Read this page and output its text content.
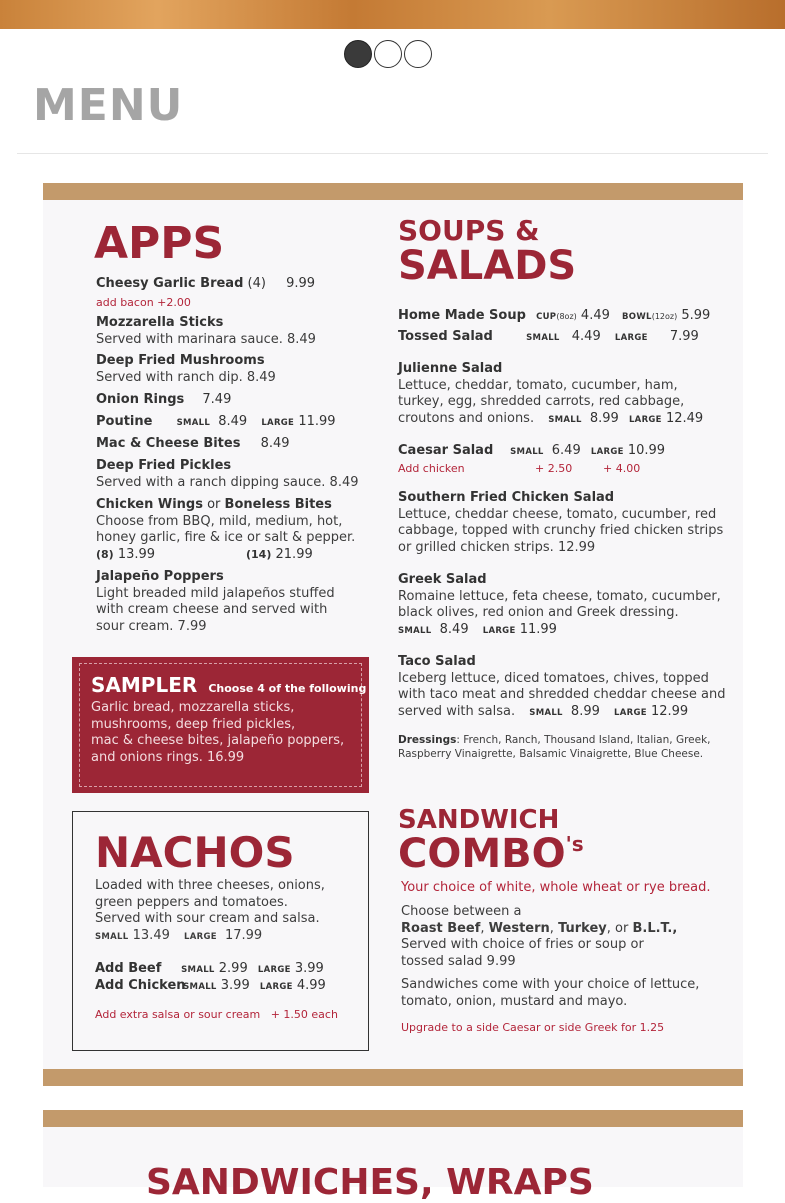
MENU
APPS
Cheesy Garlic Bread (4) 9.99
add bacon +2.00
Mozzarella Sticks
Served with marinara sauce. 8.49
Deep Fried Mushrooms
Served with ranch dip. 8.49
Onion Rings 7.49
Poutine	SMALL 8.49 LARGE 11.99
Mac & Cheese Bites 8.49
Deep Fried Pickles
Served with a ranch dipping sauce. 8.49
Chicken Wings or Boneless Bites
Choose from BBQ, mild, medium, hot,
honey garlic, fire & ice or salt & pepper.
(8) 13.99	(14) 21.99
Jalapeño Poppers
Light breaded mild jalapeños stuffed
with cream cheese and served with
sour cream. 7.99
SAMPLER Choose 4 of the following
Garlic bread, mozzarella sticks,
mushrooms, deep fried pickles,
mac & cheese bites, jalapeño poppers,
and onions rings. 16.99
NACHOS
Loaded with three cheeses, onions,
green peppers and tomatoes.
Served with sour cream and salsa.
SMALL 13.49 LARGE 17.99
Add Beef SMALL 2.99 LARGE 3.99
Add Chicken SMALL 3.99 LARGE 4.99
Add extra salsa or sour cream   + 1.50 each
SOUPS &
SALADS
Home Made Soup CUP(8oz) 4.49 BOWL(12oz) 5.99
Tossed Salad	SMALL 4.49 LARGE 7.99
Julienne Salad
Lettuce, cheddar, tomato, cucumber, ham,
turkey, egg, shredded carrots, red cabbage,
croutons and onions. SMALL 8.99 LARGE 12.49
Caesar Salad SMALL 6.49 LARGE 10.99
Add chicken	+ 2.50	+ 4.00
Southern Fried Chicken Salad
Lettuce, cheddar cheese, tomato, cucumber, red
cabbage, topped with crunchy fried chicken strips
or grilled chicken strips. 12.99
Greek Salad
Romaine lettuce, feta cheese, tomato, cucumber,
black olives, red onion and Greek dressing.
SMALL 8.49 LARGE 11.99
Taco Salad
Iceberg lettuce, diced tomatoes, chives, topped
with taco meat and shredded cheddar cheese and
served with salsa. SMALL 8.99 LARGE 12.99
Dressings: French, Ranch, Thousand Island, Italian, Greek,
Raspberry Vinaigrette, Balsamic Vinaigrette, Blue Cheese.
SANDWICH
COMBO's
Your choice of white, whole wheat or rye bread.
Choose between a
Roast Beef, Western, Turkey, or B.L.T.,
Served with choice of fries or soup or
tossed salad 9.99
Sandwiches come with your choice of lettuce,
tomato, onion, mustard and mayo.
Upgrade to a side Caesar or side Greek for 1.25
SANDWICHES, WRAPS
